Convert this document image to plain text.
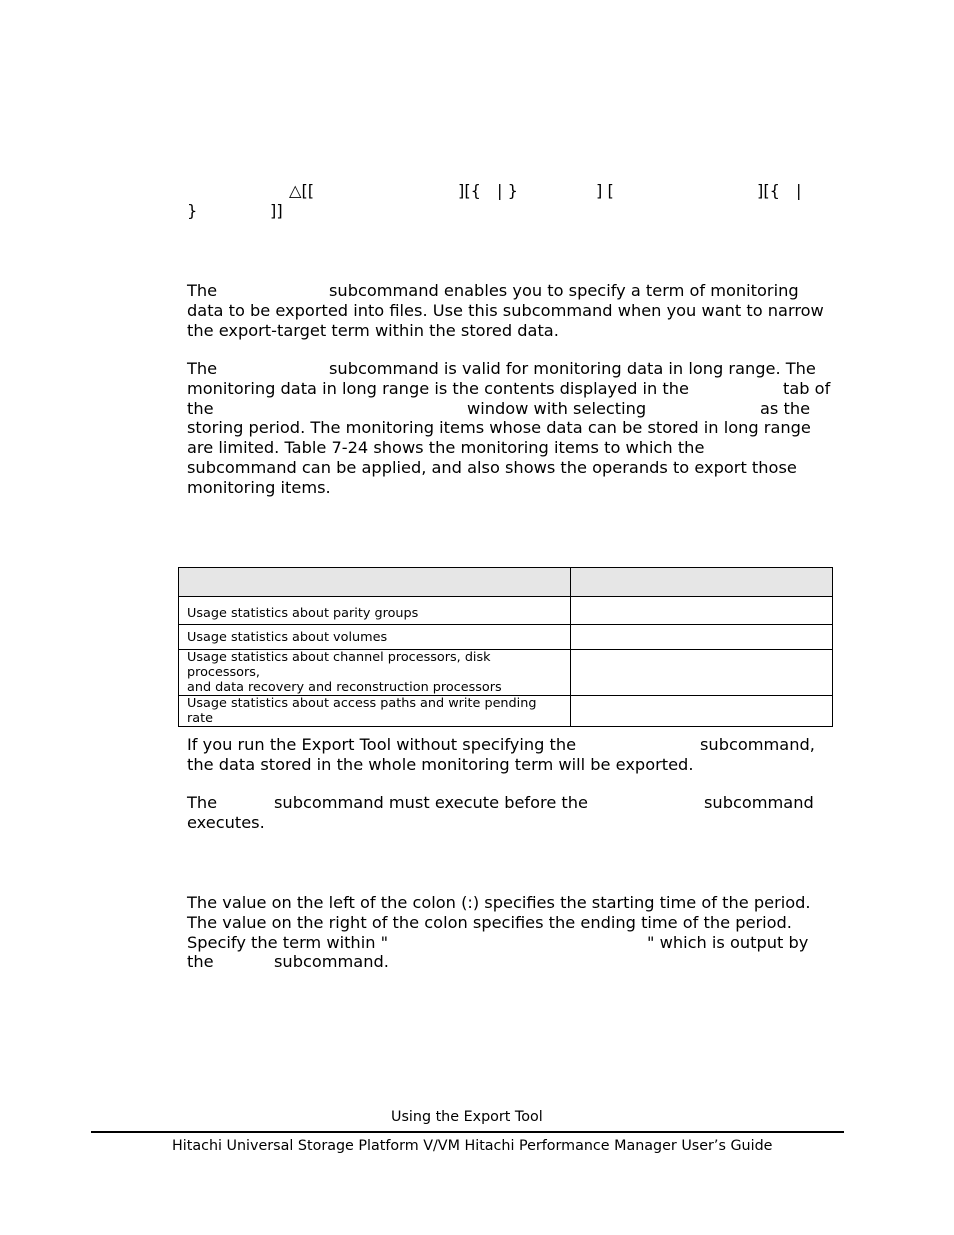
△[[	][{ | }	] [	][{ |
}	]]
The	subcommand enables you to specify a term of monitoring
data to be exported into files. Use this subcommand when you want to narrow
the export-target term within the stored data.
The	subcommand is valid for monitoring data in long range. The
monitoring data in long range is the contents displayed in the	tab of
the	window with selecting	as the
storing period. The monitoring items whose data can be stored in long range
are limited. Table 7-24 shows the monitoring items to which the
subcommand can be applied, and also shows the operands to export those
monitoring items.

Usage statistics about parity groups	
Usage statistics about volumes	

Usage statistics about channel processors, disk processors,
and data recovery and reconstruction processors	

Usage statistics about access paths and write pending rate	
If you run the Export Tool without specifying the	subcommand,
the data stored in the whole monitoring term will be exported.
The	subcommand must execute before the	subcommand
executes.
The value on the left of the colon (:) specifies the starting time of the period.
The value on the right of the colon specifies the ending time of the period.
Specify the term within "	" which is output by
the	subcommand.
Using the Export Tool
Hitachi Universal Storage Platform V/VM Hitachi Performance Manager User’s Guide
